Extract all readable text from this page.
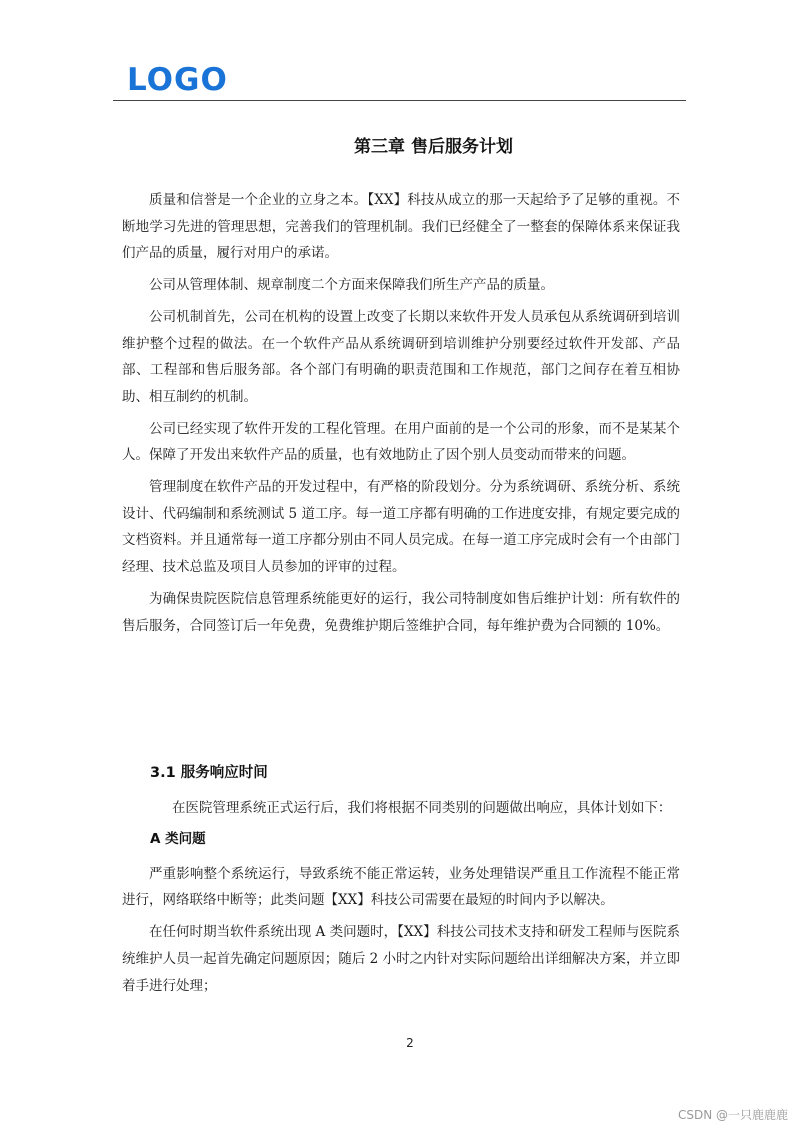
LOGO
第三章 售后服务计划

质量和信誉是一个企业的立身之本。【XX】科技从成立的那一天起给予了足够的重视。不断地学习先进的管理思想，完善我们的管理机制。我们已经健全了一整套的保障体系来保证我们产品的质量，履行对用户的承诺。

公司从管理体制、规章制度二个方面来保障我们所生产产品的质量。

公司机制首先，公司在机构的设置上改变了长期以来软件开发人员承包从系统调研到培训维护整个过程的做法。在一个软件产品从系统调研到培训维护分别要经过软件开发部、产品部、工程部和售后服务部。各个部门有明确的职责范围和工作规范，部门之间存在着互相协助、相互制约的机制。

公司已经实现了软件开发的工程化管理。在用户面前的是一个公司的形象，而不是某某个人。保障了开发出来软件产品的质量，也有效地防止了因个别人员变动而带来的问题。

管理制度在软件产品的开发过程中，有严格的阶段划分。分为系统调研、系统分析、系统设计、代码编制和系统测试 5 道工序。每一道工序都有明确的工作进度安排，有规定要完成的文档资料。并且通常每一道工序都分别由不同人员完成。在每一道工序完成时会有一个由部门经理、技术总监及项目人员参加的评审的过程。

为确保贵院医院信息管理系统能更好的运行，我公司特制度如售后维护计划：所有软件的售后服务，合同签订后一年免费，免费维护期后签维护合同，每年维护费为合同额的 10%。

3.1 服务响应时间

在医院管理系统正式运行后，我们将根据不同类别的问题做出响应，具体计划如下：

A 类问题

严重影响整个系统运行，导致系统不能正常运转，业务处理错误严重且工作流程不能正常进行，网络联络中断等；此类问题【XX】科技公司需要在最短的时间内予以解决。

在任何时期当软件系统出现 A 类问题时，【XX】科技公司技术支持和研发工程师与医院系统维护人员一起首先确定问题原因；随后 2 小时之内针对实际问题给出详细解决方案，并立即着手进行处理；

2
CSDN @一只鹿鹿鹿
